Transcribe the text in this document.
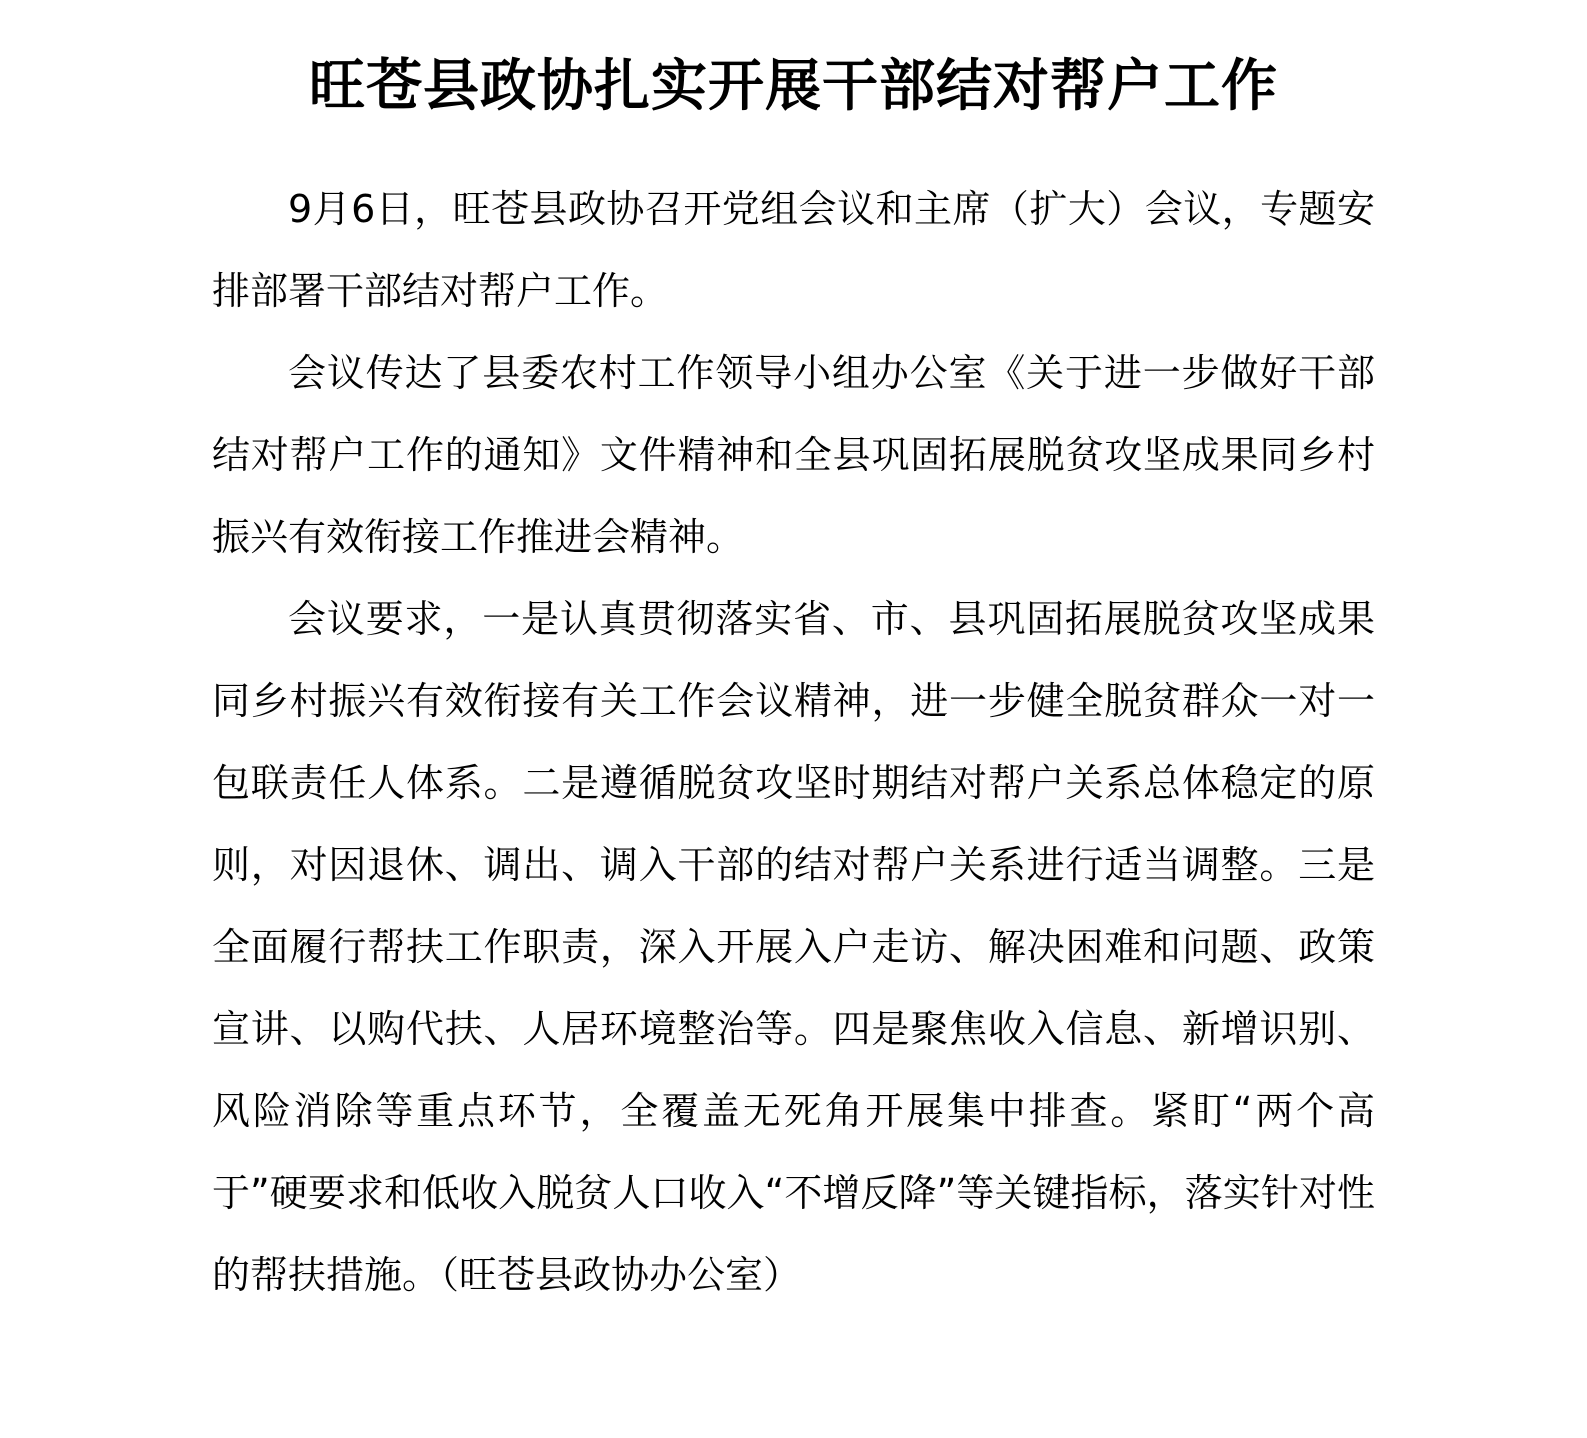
旺苍县政协扎实开展干部结对帮户工作

9月6日，旺苍县政协召开党组会议和主席（扩大）会议，专题安排部署干部结对帮户工作。

会议传达了县委农村工作领导小组办公室《关于进一步做好干部结对帮户工作的通知》文件精神和全县巩固拓展脱贫攻坚成果同乡村振兴有效衔接工作推进会精神。

会议要求，一是认真贯彻落实省、市、县巩固拓展脱贫攻坚成果同乡村振兴有效衔接有关工作会议精神，进一步健全脱贫群众一对一包联责任人体系。二是遵循脱贫攻坚时期结对帮户关系总体稳定的原则，对因退休、调出、调入干部的结对帮户关系进行适当调整。三是全面履行帮扶工作职责，深入开展入户走访、解决困难和问题、政策宣讲、以购代扶、人居环境整治等。四是聚焦收入信息、新增识别、风险消除等重点环节，全覆盖无死角开展集中排查。紧盯“两个高于”硬要求和低收入脱贫人口收入“不增反降”等关键指标，落实针对性的帮扶措施。（旺苍县政协办公室）
